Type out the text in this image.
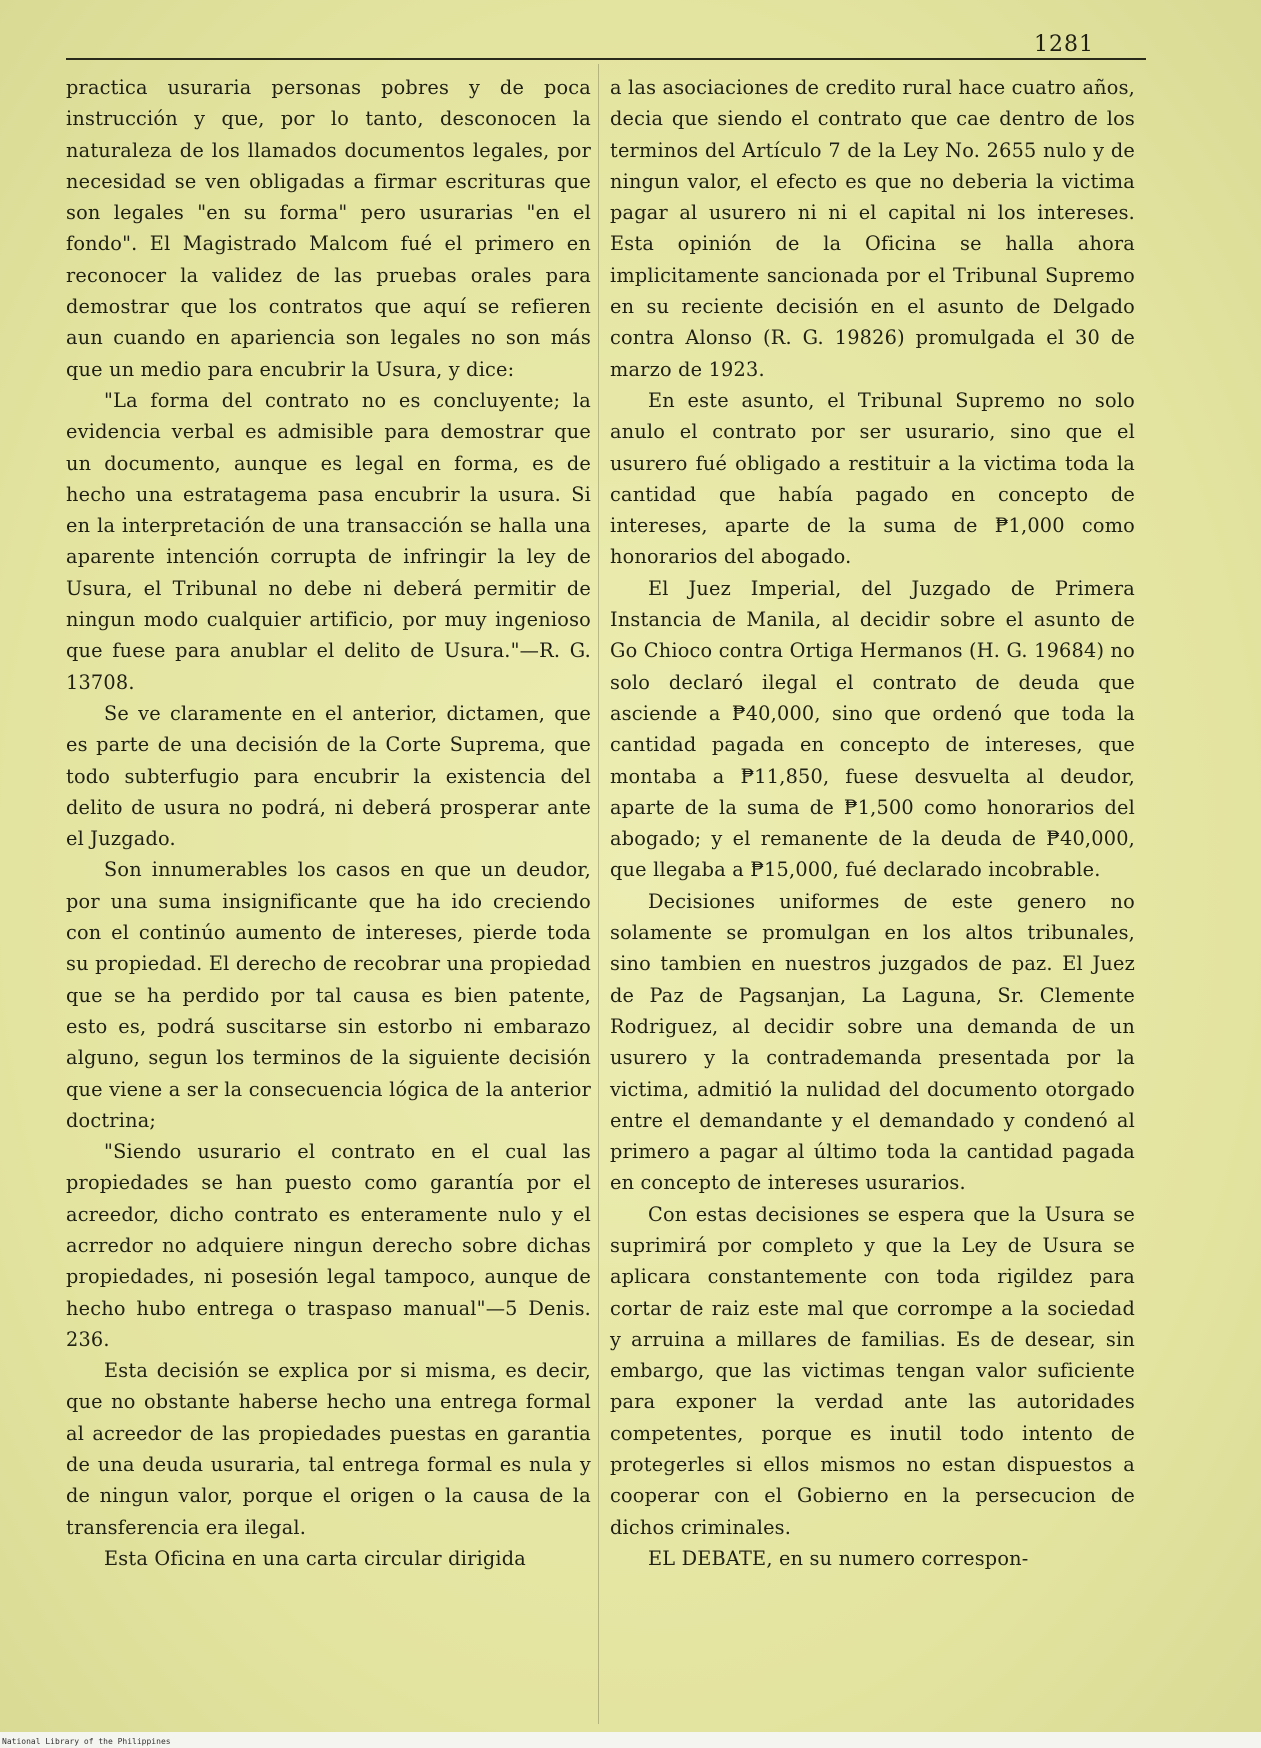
1281

practica usuraria personas pobres y de poca instrucción y que, por lo tanto, desconocen la naturaleza de los llamados documentos legales, por necesidad se ven obligadas a firmar escrituras que son legales "en su forma" pero usurarias "en el fondo". El Magistrado Malcom fué el primero en reconocer la validez de las pruebas orales para demostrar que los contratos que aquí se refieren aun cuando en apariencia son legales no son más que un medio para encubrir la Usura, y dice:

"La forma del contrato no es concluyente; la evidencia verbal es admisible para demostrar que un documento, aunque es legal en forma, es de hecho una estratagema pasa encubrir la usura. Si en la interpretación de una transacción se halla una aparente intención corrupta de infringir la ley de Usura, el Tribunal no debe ni deberá permitir de ningun modo cualquier artificio, por muy ingenioso que fuese para anublar el delito de Usura."—R. G. 13708.

Se ve claramente en el anterior, dictamen, que es parte de una decisión de la Corte Suprema, que todo subterfugio para encubrir la existencia del delito de usura no podrá, ni deberá prosperar ante el Juzgado.

Son innumerables los casos en que un deudor, por una suma insignificante que ha ido creciendo con el continúo aumento de intereses, pierde toda su propiedad. El derecho de recobrar una propiedad que se ha perdido por tal causa es bien patente, esto es, podrá suscitarse sin estorbo ni embarazo alguno, segun los terminos de la siguiente decisión que viene a ser la consecuencia lógica de la anterior doctrina;

"Siendo usurario el contrato en el cual las propiedades se han puesto como garantía por el acreedor, dicho contrato es enteramente nulo y el acrredor no adquiere ningun derecho sobre dichas propiedades, ni posesión legal tampoco, aunque de hecho hubo entrega o traspaso manual"—5 Denis. 236.

Esta decisión se explica por si misma, es decir, que no obstante haberse hecho una entrega formal al acreedor de las propiedades puestas en garantia de una deuda usuraria, tal entrega formal es nula y de ningun valor, porque el origen o la causa de la transferencia era ilegal.

Esta Oficina en una carta circular dirigida

a las asociaciones de credito rural hace cuatro años, decia que siendo el contrato que cae dentro de los terminos del Artículo 7 de la Ley No. 2655 nulo y de ningun valor, el efecto es que no deberia la victima pagar al usurero ni ni el capital ni los intereses. Esta opinión de la Oficina se halla ahora implicitamente sancionada por el Tribunal Supremo en su reciente decisión en el asunto de Delgado contra Alonso (R. G. 19826) promulgada el 30 de marzo de 1923.

En este asunto, el Tribunal Supremo no solo anulo el contrato por ser usurario, sino que el usurero fué obligado a restituir a la victima toda la cantidad que había pagado en concepto de intereses, aparte de la suma de ₱1,000 como honorarios del abogado.

El Juez Imperial, del Juzgado de Primera Instancia de Manila, al decidir sobre el asunto de Go Chioco contra Ortiga Hermanos (H. G. 19684) no solo declaró ilegal el contrato de deuda que asciende a ₱40,000, sino que ordenó que toda la cantidad pagada en concepto de intereses, que montaba a ₱11,850, fuese desvuelta al deudor, aparte de la suma de ₱1,500 como honorarios del abogado; y el remanente de la deuda de ₱40,000, que llegaba a ₱15,000, fué declarado incobrable.

Decisiones uniformes de este genero no solamente se promulgan en los altos tribunales, sino tambien en nuestros juzgados de paz. El Juez de Paz de Pagsanjan, La Laguna, Sr. Clemente Rodriguez, al decidir sobre una demanda de un usurero y la contrademanda presentada por la victima, admitió la nulidad del documento otorgado entre el demandante y el demandado y condenó al primero a pagar al último toda la cantidad pagada en concepto de intereses usurarios.

Con estas decisiones se espera que la Usura se suprimirá por completo y que la Ley de Usura se aplicara constantemente con toda rigildez para cortar de raiz este mal que corrompe a la sociedad y arruina a millares de familias. Es de desear, sin embargo, que las victimas tengan valor suficiente para exponer la verdad ante las autoridades competentes, porque es inutil todo intento de protegerles si ellos mismos no estan dispuestos a cooperar con el Gobierno en la persecucion de dichos criminales.

EL DEBATE, en su numero correspon-

National Library of the Philippines
